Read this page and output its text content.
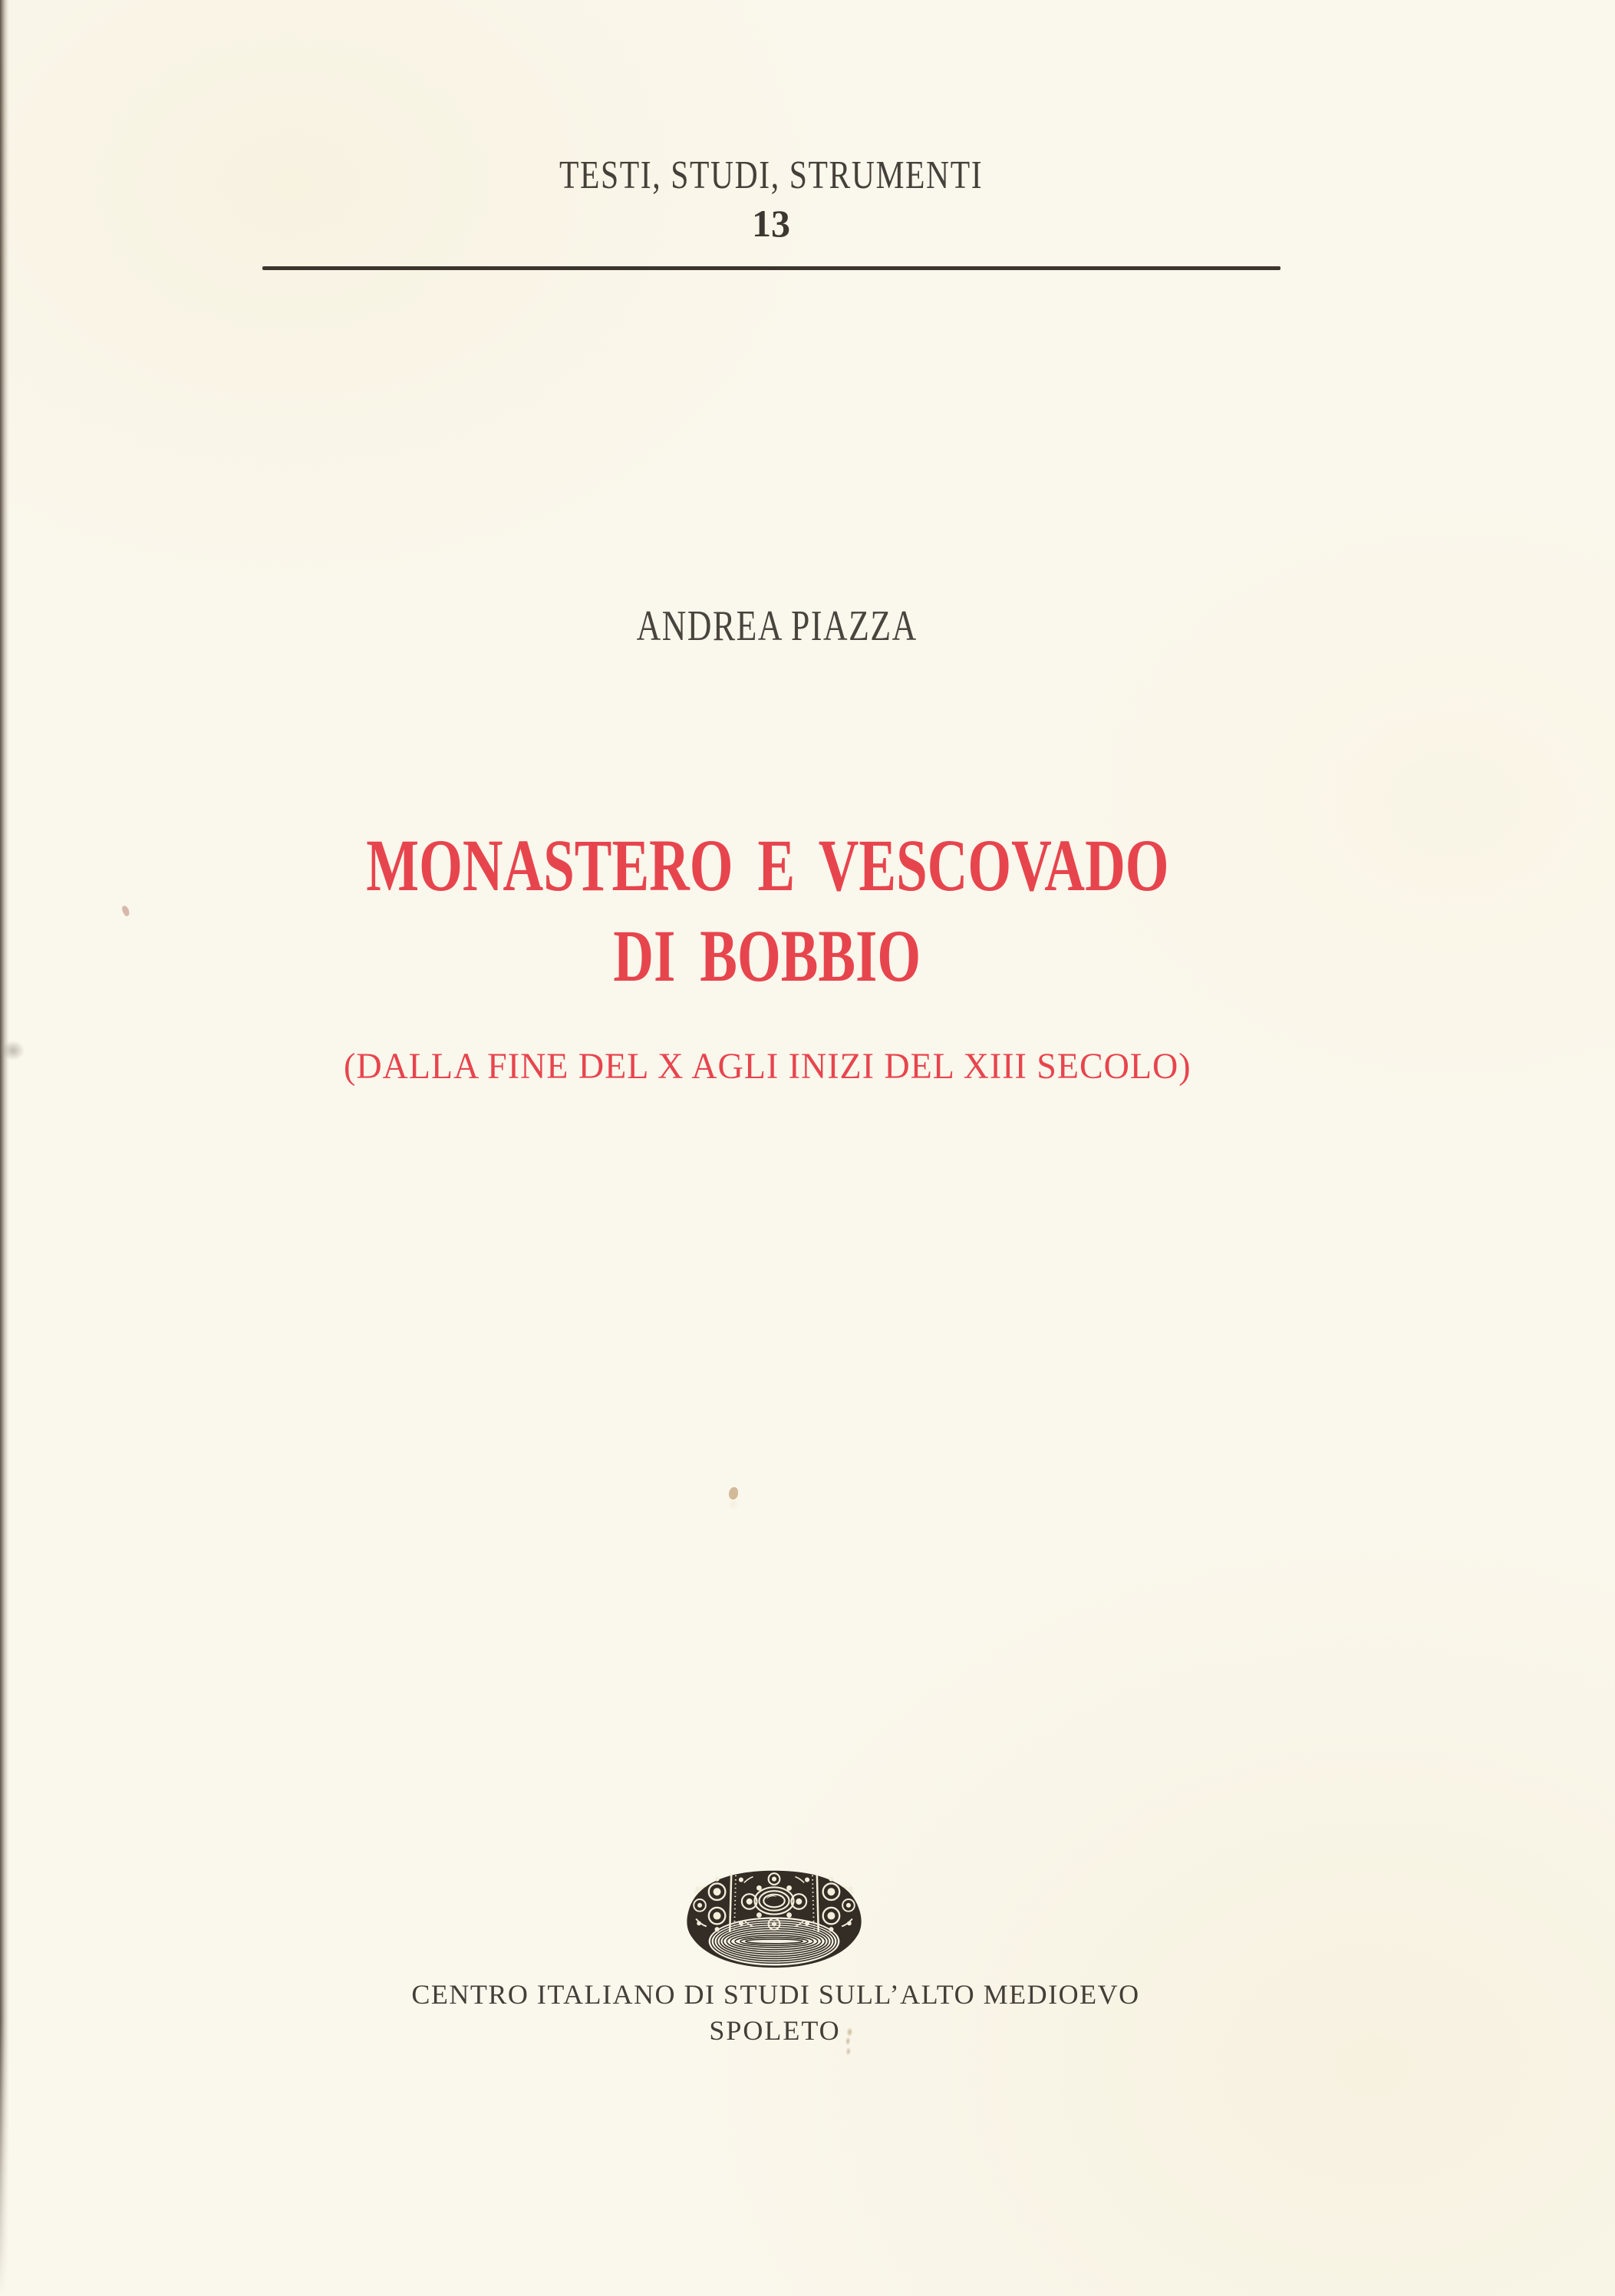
TESTI, STUDI, STRUMENTI
13
ANDREA PIAZZA
MONASTERO E VESCOVADO
DI BOBBIO
(DALLA FINE DEL X AGLI INIZI DEL XIII SECOLO)
CENTRO ITALIANO DI STUDI SULL’ALTO MEDIOEVO
SPOLETO
